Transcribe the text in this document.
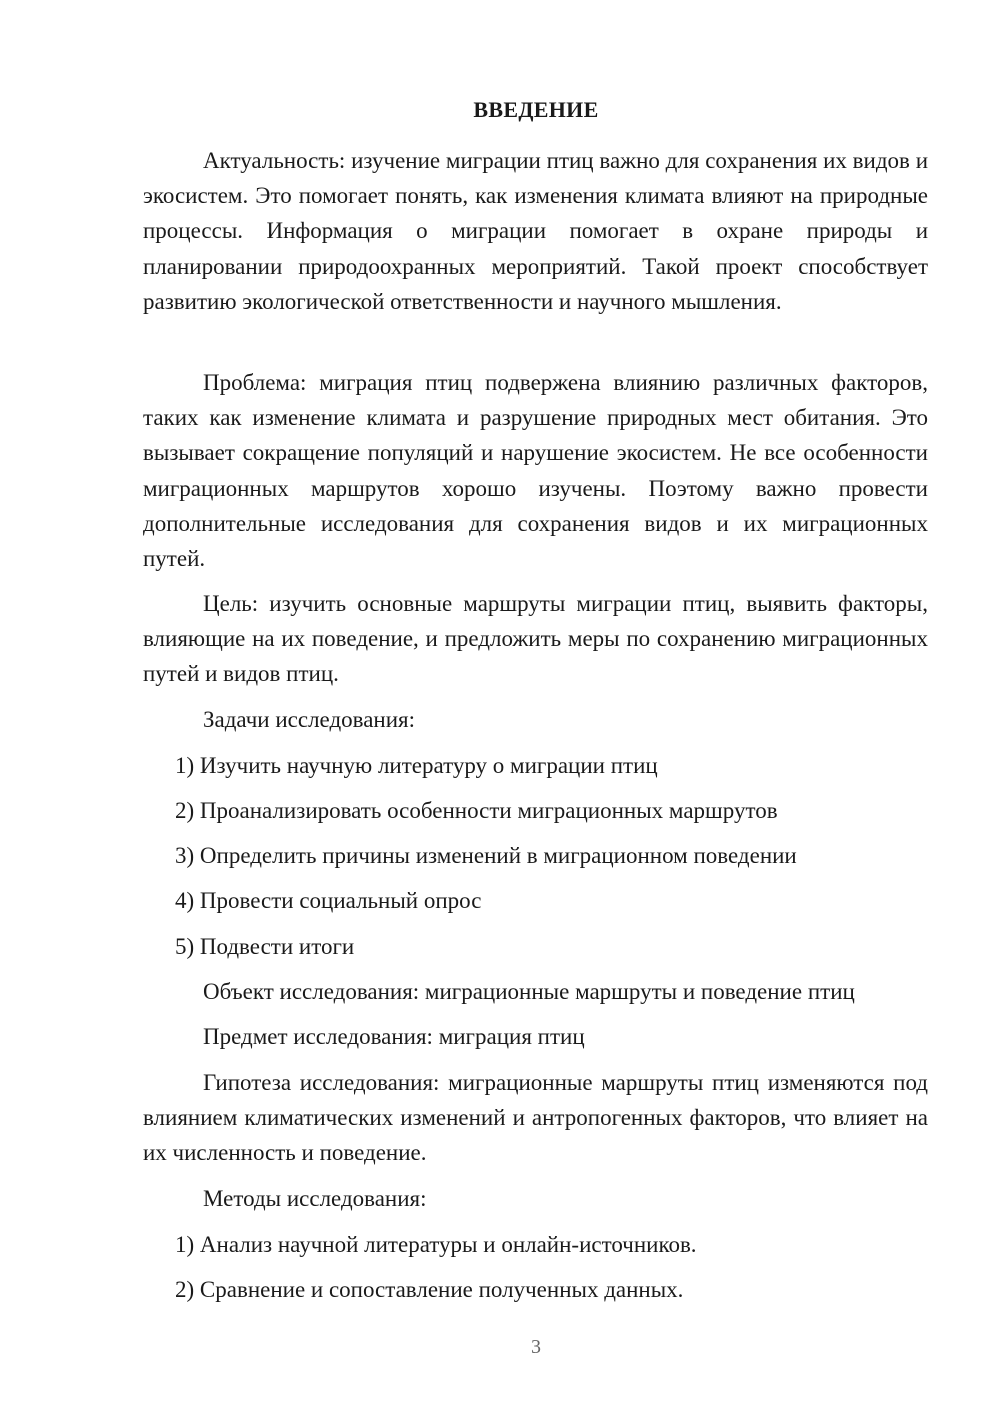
ВВЕДЕНИЕ

Актуальность: изучение миграции птиц важно для сохранения их видов и экосистем. Это помогает понять, как изменения климата влияют на природные процессы. Информация о миграции помогает в охране природы и планировании природоохранных мероприятий. Такой проект способствует развитию экологической ответственности и научного мышления.

Проблема: миграция птиц подвержена влиянию различных факторов, таких как изменение климата и разрушение природных мест обитания. Это вызывает сокращение популяций и нарушение экосистем. Не все особенности миграционных маршрутов хорошо изучены. Поэтому важно провести дополнительные исследования для сохранения видов и их миграционных путей.

Цель: изучить основные маршруты миграции птиц, выявить факторы, влияющие на их поведение, и предложить меры по сохранению миграционных путей и видов птиц.

Задачи исследования:

1) Изучить научную литературу о миграции птиц

2) Проанализировать особенности миграционных маршрутов

3) Определить причины изменений в миграционном поведении

4) Провести социальный опрос

5) Подвести итоги

Объект исследования: миграционные маршруты и поведение птиц

Предмет исследования: миграция птиц

Гипотеза исследования: миграционные маршруты птиц изменяются под влиянием климатических изменений и антропогенных факторов, что влияет на их численность и поведение.

Методы исследования:

1) Анализ научной литературы и онлайн-источников.

2) Сравнение и сопоставление полученных данных.

3
